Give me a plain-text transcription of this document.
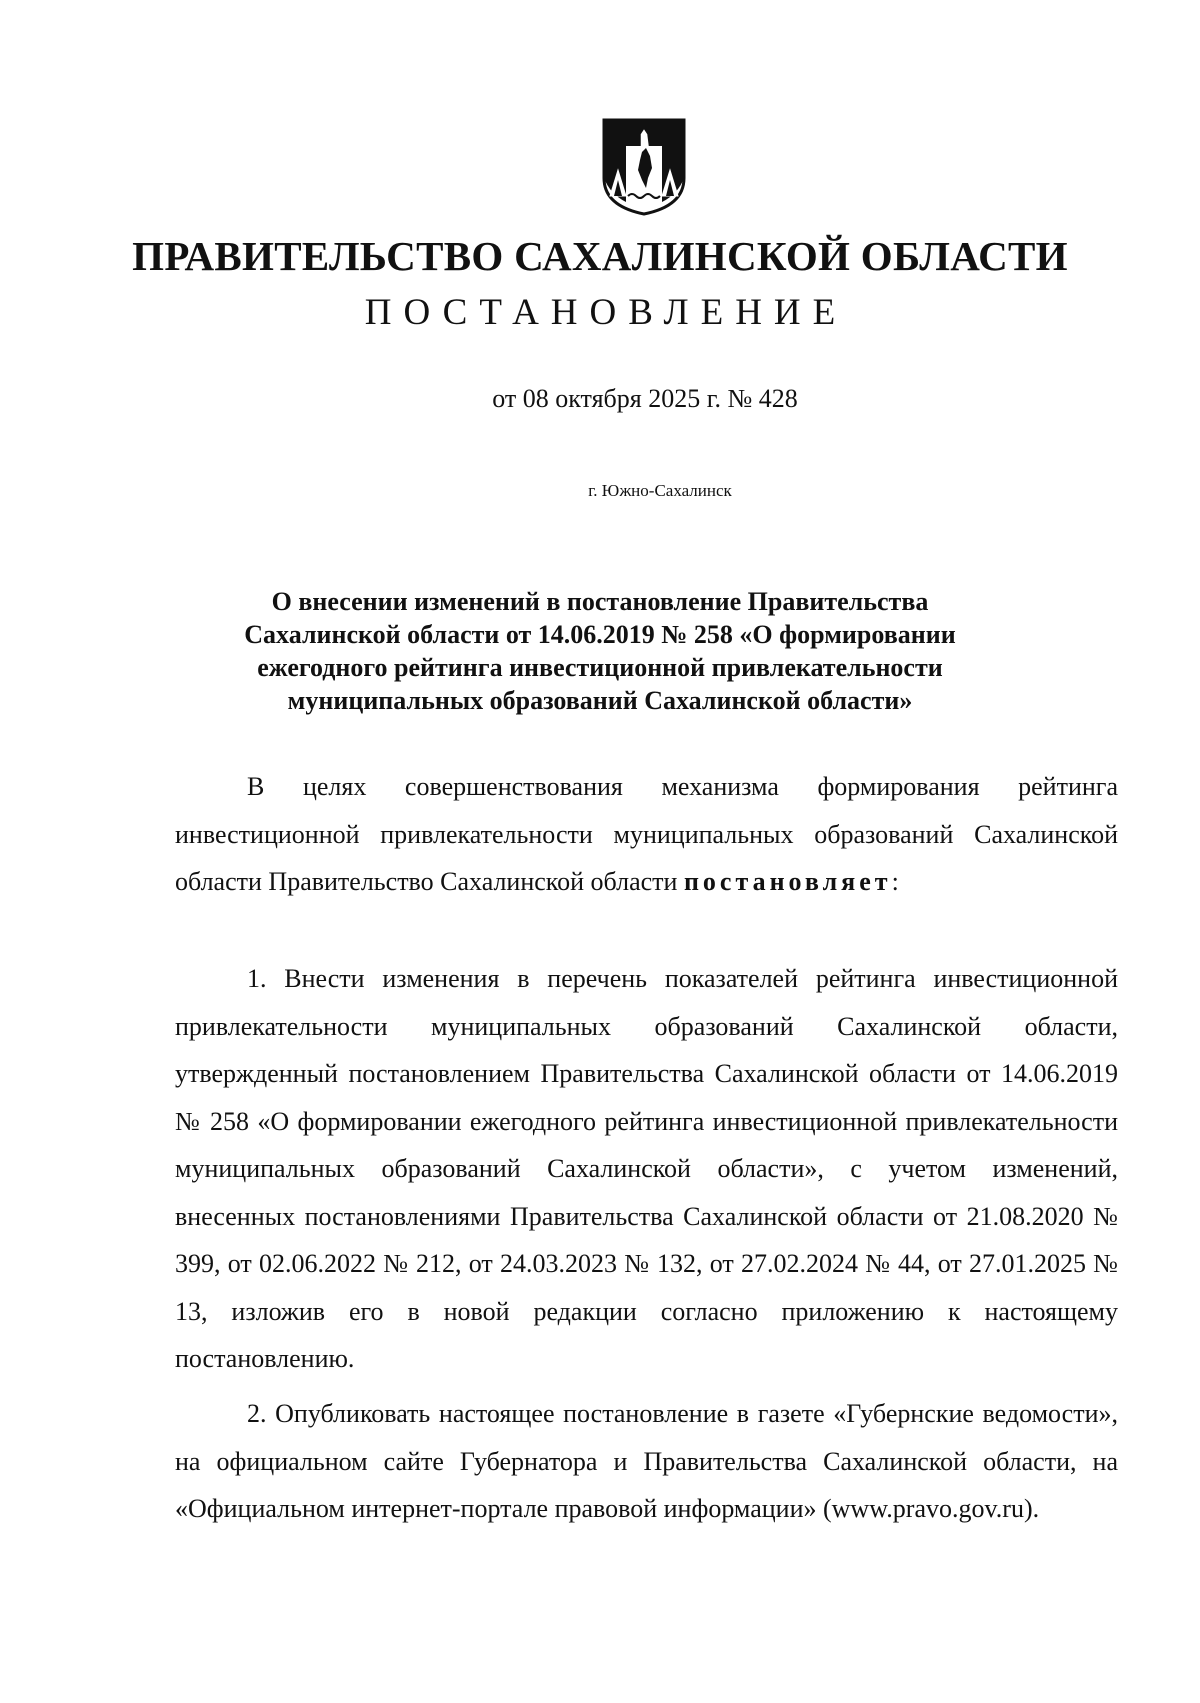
ПРАВИТЕЛЬСТВО САХАЛИНСКОЙ ОБЛАСТИ
ПОСТАНОВЛЕНИЕ
от 08 октября 2025 г. № 428
г. Южно-Сахалинск
О внесении изменений в постановление Правительства
Сахалинской области от 14.06.2019 № 258 «О формировании
ежегодного рейтинга инвестиционной привлекательности
муниципальных образований Сахалинской области»

В целях совершенствования механизма формирования рейтинга инвестиционной привлекательности муниципальных образований Сахалинской области Правительство Сахалинской области постановляет:

1. Внести изменения в перечень показателей рейтинга инвестиционной привлекательности муниципальных образований Сахалинской области, утвержденный постановлением Правительства Сахалинской области от 14.06.2019 № 258 «О формировании ежегодного рейтинга инвестиционной привлекательности муниципальных образований Сахалинской области», с учетом изменений, внесенных постановлениями Правительства Сахалинской области от 21.08.2020 № 399, от 02.06.2022 № 212, от 24.03.2023 № 132, от 27.02.2024 № 44, от 27.01.2025 № 13, изложив его в новой редакции согласно приложению к настоящему постановлению.

2. Опубликовать настоящее постановление в газете «Губернские ведомости», на официальном сайте Губернатора и Правительства Сахалинской области, на «Официальном интернет-портале правовой информации» (www.pravo.gov.ru).
